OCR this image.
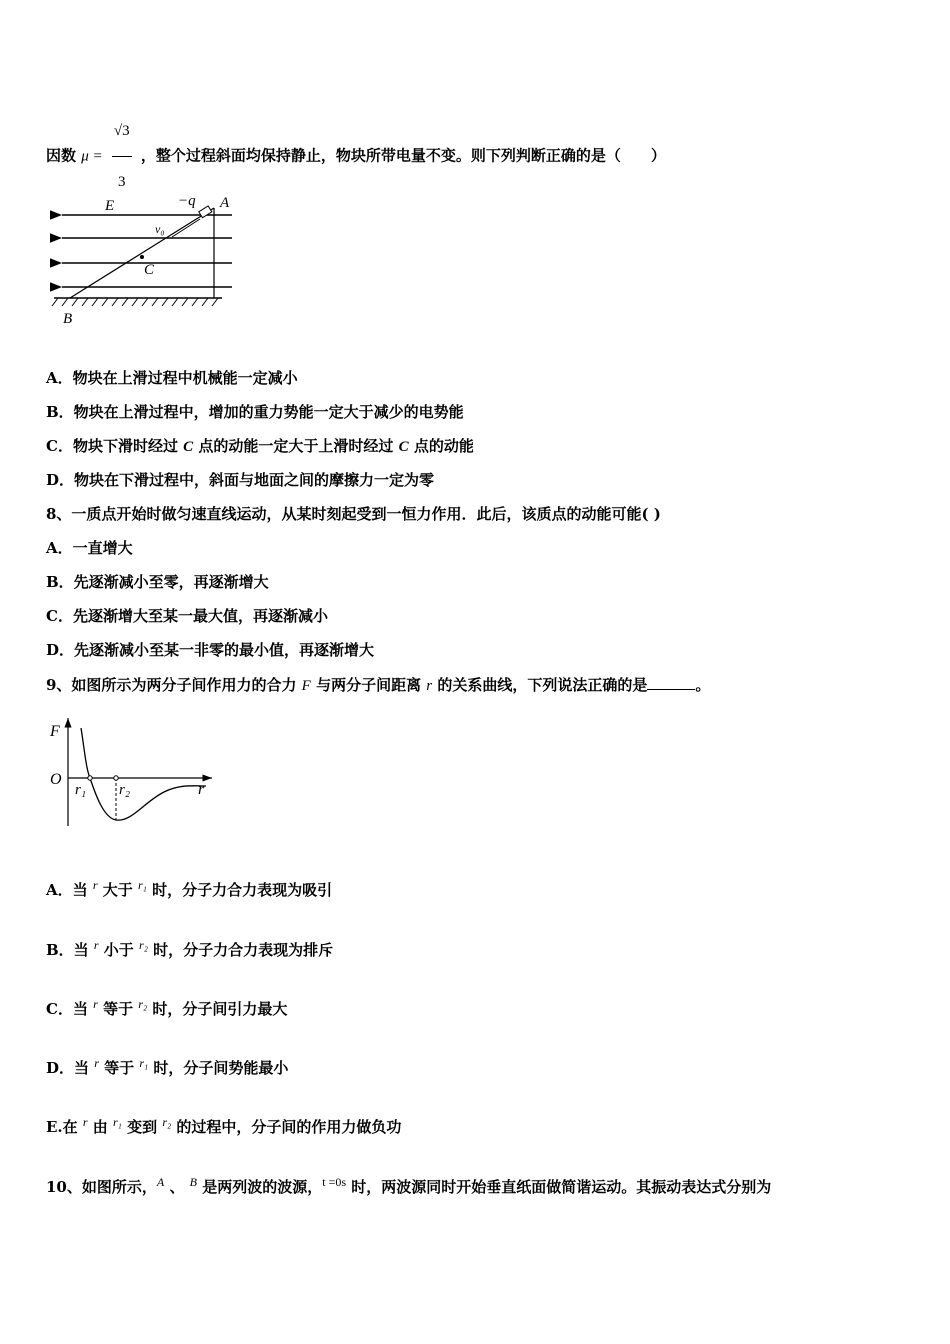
因数 $\mu = \frac{√3}{3}$ ，整个过程斜面均保持静止，物块所带电量不变。则下列判断正确的是（　　）
E	−q A
v₀
C
B
A．物块在上滑过程中机械能一定减小
B．物块在上滑过程中，增加的重力势能一定大于减少的电势能
C．物块下滑时经过 C 点的动能一定大于上滑时经过 C 点的动能
D．物块在下滑过程中，斜面与地面之间的摩擦力一定为零
8、一质点开始时做匀速直线运动，从某时刻起受到一恒力作用．此后，该质点的动能可能( )
A．一直增大
B．先逐渐减小至零，再逐渐增大
C．先逐渐增大至某一最大值，再逐渐减小
D．先逐渐减小至某一非零的最小值，再逐渐增大
9、如图所示为两分子间作用力的合力 F 与两分子间距离 r 的关系曲线，下列说法正确的是	。
F
O
r₁ r₂	r
A．当 $^r$ 大于 $^{r_1}$ 时，分子力合力表现为吸引
B．当 $^r$ 小于 $^{r_2}$ 时，分子力合力表现为排斥
C．当 $^r$ 等于 $^{r_2}$ 时，分子间引力最大
D．当 $^r$ 等于 $^{r_1}$ 时，分子间势能最小
E.在 $^r$ 由 $^{r_1}$ 变到 $^{r_2}$ 的过程中，分子间的作用力做负功
10、如图所示，$^A$ 、 $^B$ 是两列波的波源，$^{t =0s}$ 时，两波源同时开始垂直纸面做简谐运动。其振动表达式分别为
